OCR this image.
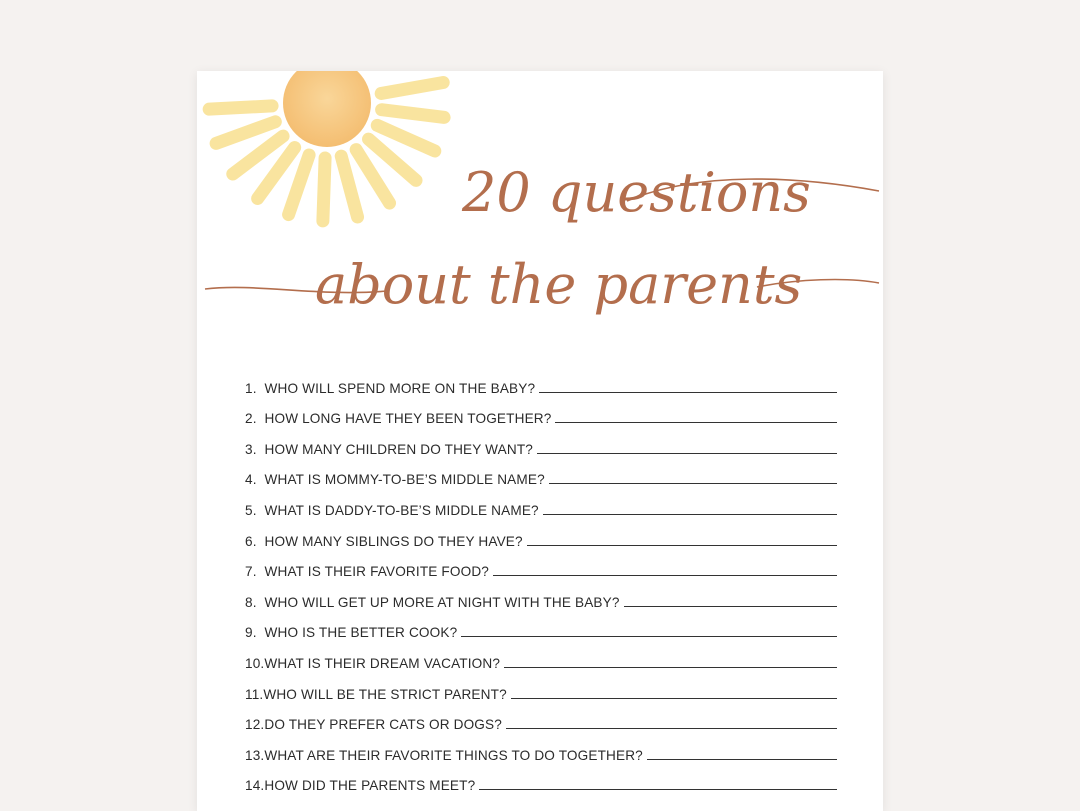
20 questions
about the parents
1. WHO WILL SPEND MORE ON THE BABY?
2. HOW LONG HAVE THEY BEEN TOGETHER?
3. HOW MANY CHILDREN DO THEY WANT?
4. WHAT IS MOMMY-TO-BE’S MIDDLE NAME?
5. WHAT IS DADDY-TO-BE’S MIDDLE NAME?
6. HOW MANY SIBLINGS DO THEY HAVE?
7. WHAT IS THEIR FAVORITE FOOD?
8. WHO WILL GET UP MORE AT NIGHT WITH THE BABY?
9. WHO IS THE BETTER COOK?
10. WHAT IS THEIR DREAM VACATION?
11. WHO WILL BE THE STRICT PARENT?
12. DO THEY PREFER CATS OR DOGS?
13. WHAT ARE THEIR FAVORITE THINGS TO DO TOGETHER?
14. HOW DID THE PARENTS MEET?
